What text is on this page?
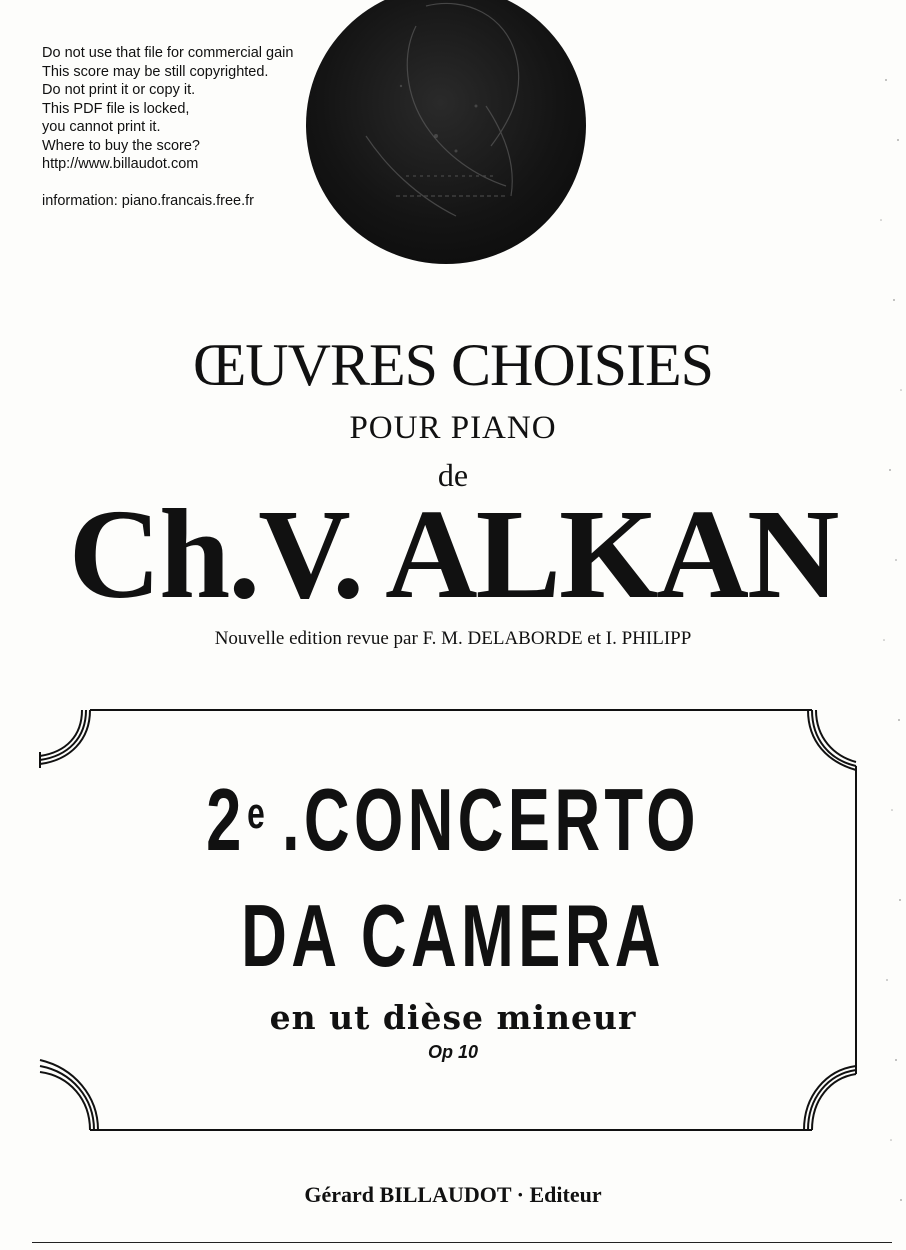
Do not use that file for commercial gain
This score may be still copyrighted.
Do not print it or copy it.
This PDF file is locked,
you cannot print it.
Where to buy the score?
http://www.billaudot.com
information: piano.francais.free.fr
ŒUVRES CHOISIES
POUR PIANO
de
Ch.V. ALKAN
Nouvelle edition revue par F. M. DELABORDE et I. PHILIPP
2e .CONCERTO
DA CAMERA
en ut dièse mineur
Op 10
Gérard BILLAUDOT · Editeur
